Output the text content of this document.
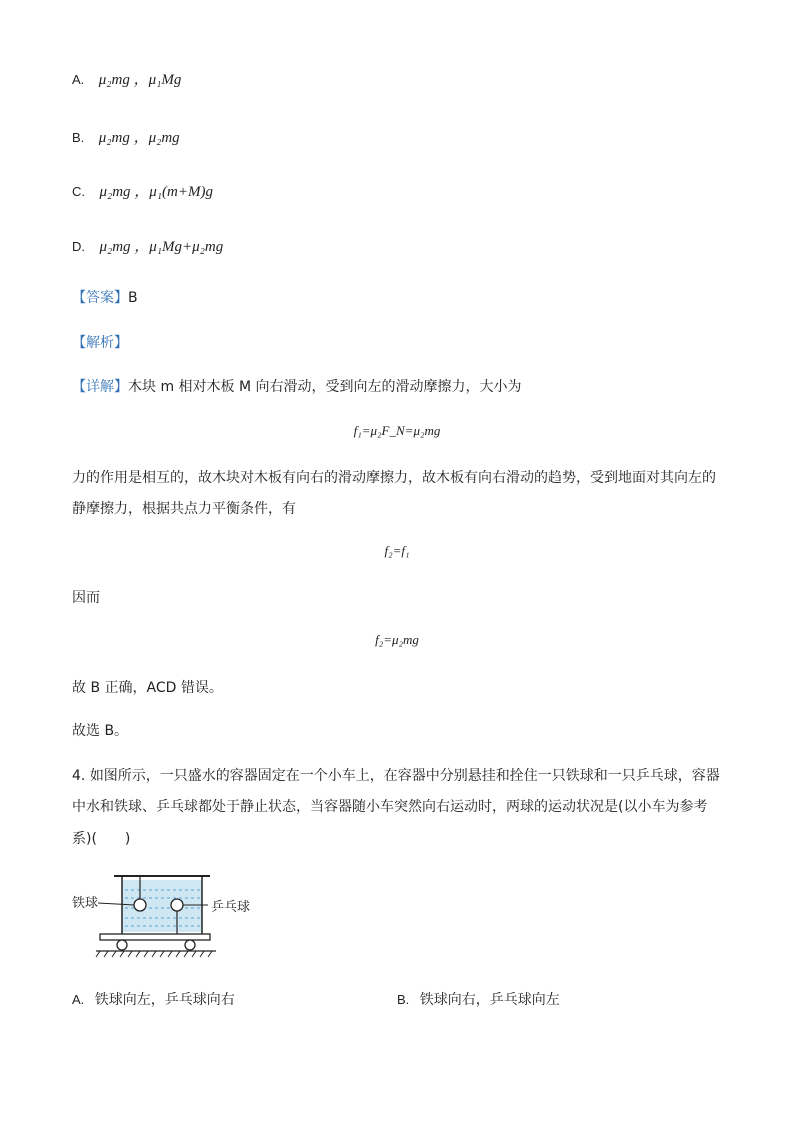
A. μ₂mg ，μ₁Mg
B. μ₂mg ，μ₂mg
C. μ₂mg ，μ₁(m+M)g
D. μ₂mg ，μ₁Mg+μ₂mg
【答案】B
【解析】
【详解】木块 m 相对木板 M 向右滑动，受到向左的滑动摩擦力，大小为
f₁=μ₂F_N=μ₂mg
力的作用是相互的，故木块对木板有向右的滑动摩擦力，故木板有向右滑动的趋势，受到地面对其向左的
静摩擦力，根据共点力平衡条件，有
f₂=f₁
因而
f₂=μ₂mg
故 B 正确，ACD 错误。
故选 B。
4. 如图所示，一只盛水的容器固定在一个小车上，在容器中分别悬挂和拴住一只铁球和一只乒乓球，容器
中水和铁球、乒乓球都处于静止状态，当容器随小车突然向右运动时，两球的运动状况是(以小车为参考
系)(　　)
铁球	乒乓球
A. 铁球向左，乒乓球向右	B. 铁球向右，乒乓球向左
